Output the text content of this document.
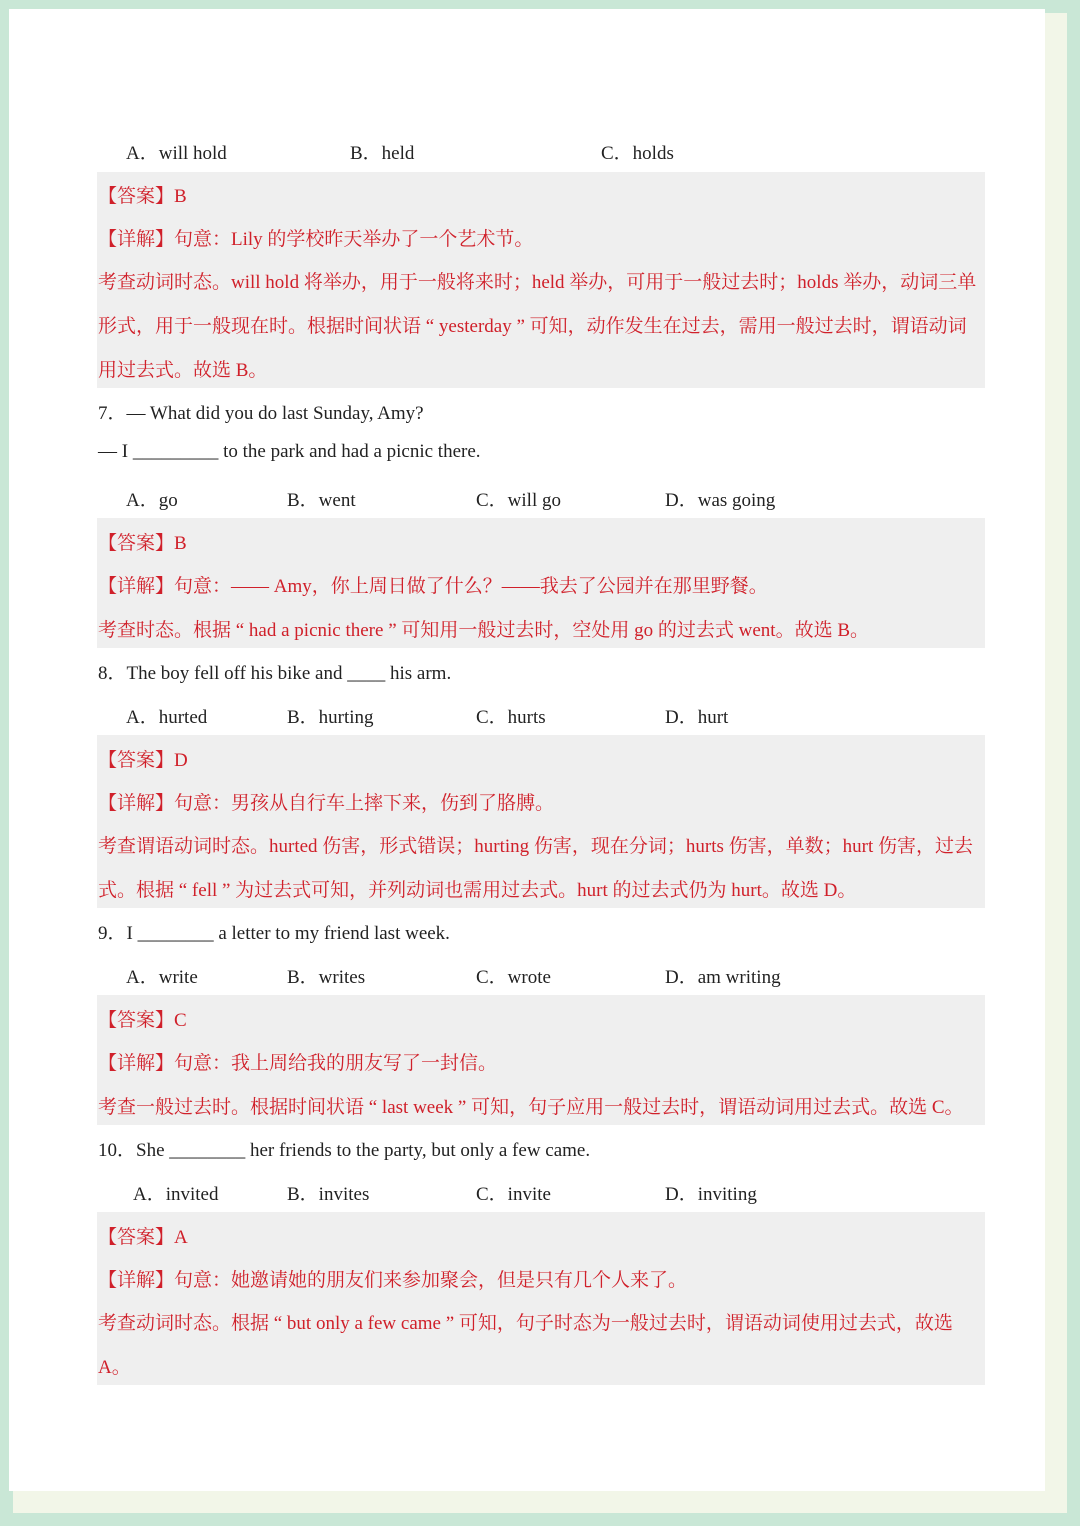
A．will hold	B．held	C．holds
【答案】B
【详解】句意：Lily 的学校昨天举办了一个艺术节。
考查动词时态。will hold 将举办，用于一般将来时；held 举办，可用于一般过去时；holds 举办，动词三单
形式，用于一般现在时。根据时间状语 “ yesterday ” 可知，动作发生在过去，需用一般过去时，谓语动词
用过去式。故选 B。
7．— What did you do last Sunday, Amy?
— I _________ to the park and had a picnic there.
A．go	B．went	C．will go	D．was going
【答案】B
【详解】句意：—— Amy，你上周日做了什么？——我去了公园并在那里野餐。
考查时态。根据 “ had a picnic there ” 可知用一般过去时，空处用 go 的过去式 went。故选 B。
8．The boy fell off his bike and ____ his arm.
A．hurted	B．hurting	C．hurts	D．hurt
【答案】D
【详解】句意：男孩从自行车上摔下来，伤到了胳膊。
考查谓语动词时态。hurted 伤害，形式错误；hurting 伤害，现在分词；hurts 伤害，单数；hurt 伤害，过去
式。根据 “ fell ” 为过去式可知，并列动词也需用过去式。hurt 的过去式仍为 hurt。故选 D。
9．I ________ a letter to my friend last week.
A．write	B．writes	C．wrote	D．am writing
【答案】C
【详解】句意：我上周给我的朋友写了一封信。
考查一般过去时。根据时间状语 “ last week ” 可知，句子应用一般过去时，谓语动词用过去式。故选 C。
10．She ________ her friends to the party, but only a few came.
A．invited	B．invites	C．invite	D．inviting
【答案】A
【详解】句意：她邀请她的朋友们来参加聚会，但是只有几个人来了。
考查动词时态。根据 “ but only a few came ” 可知，句子时态为一般过去时，谓语动词使用过去式，故选
A。
